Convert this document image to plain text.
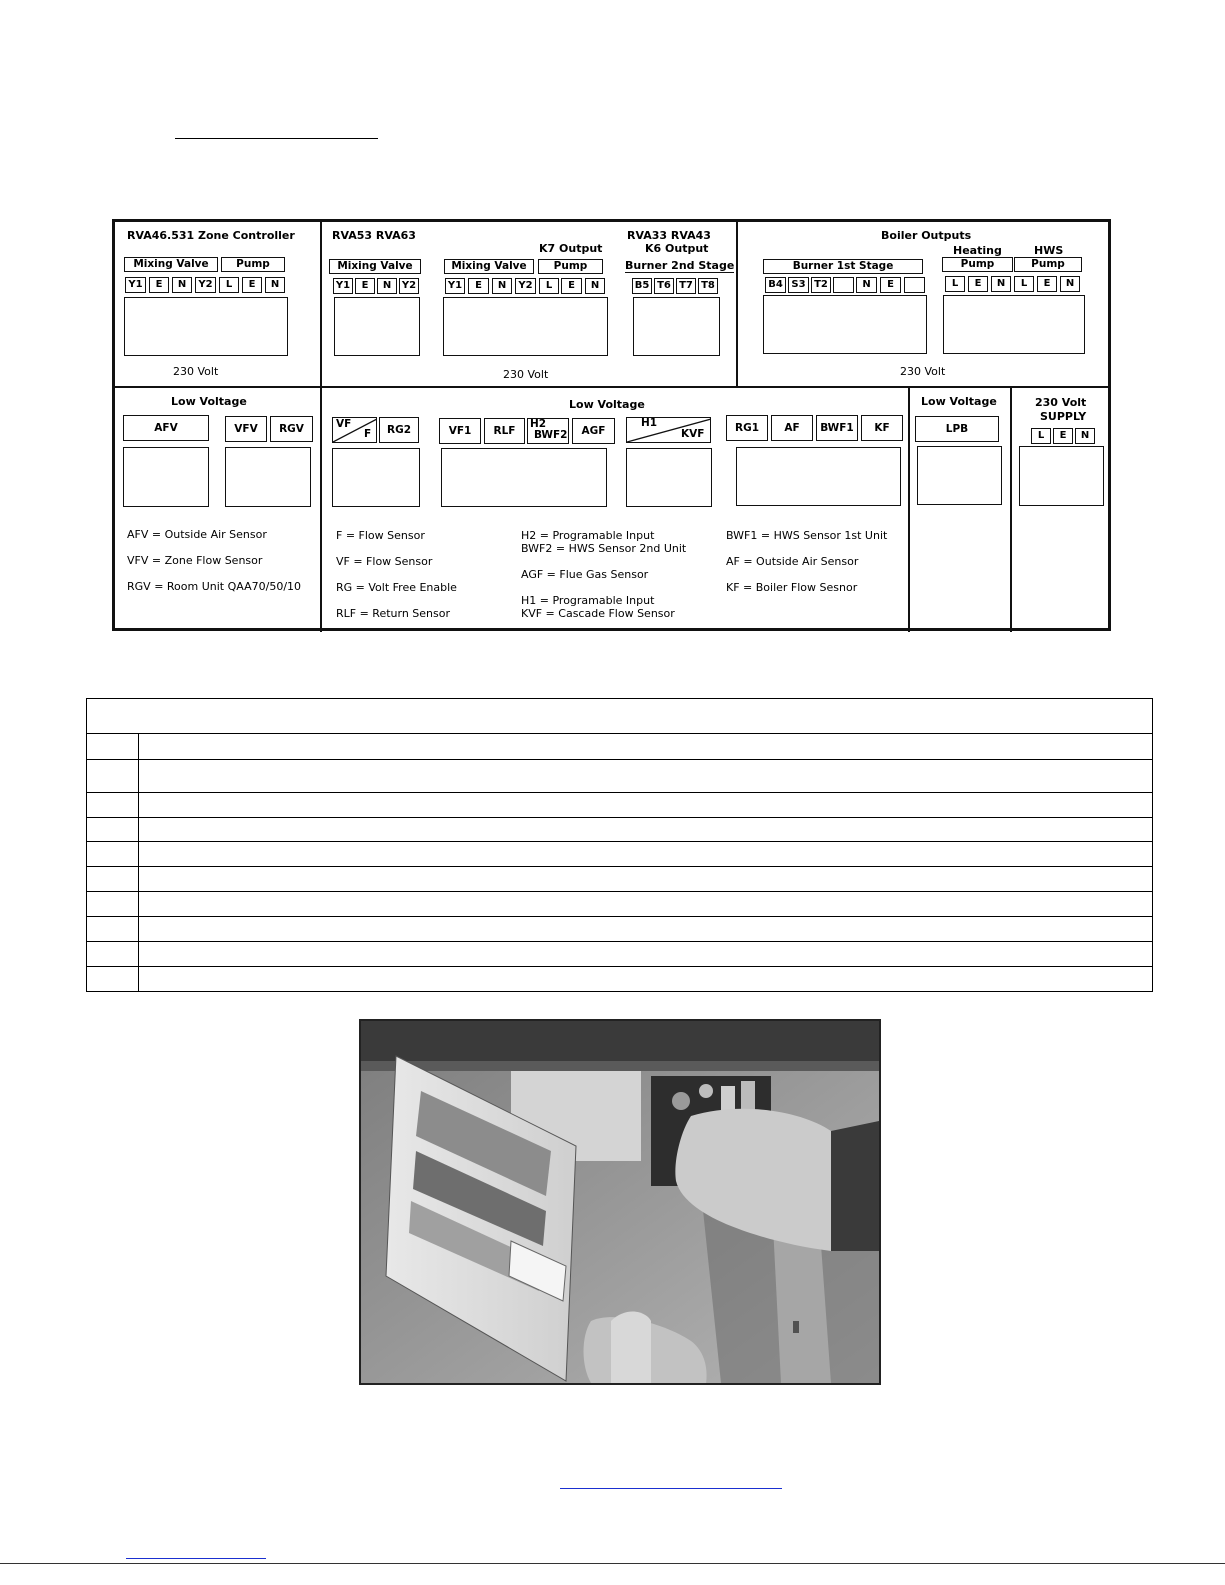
RVA46.531 Zone Controller
Mixing Valve	Pump
Y1	E	N	Y2	L	E	N
230 Volt
RVA53 RVA63
K7 Output
Mixing Valve
Y1	E	N	Y2
Mixing Valve	Pump
Y1	E	N	Y2	L	E	N
230 Volt
RVA33 RVA43
K6 Output
Burner 2nd Stage
B5 T6 T7 T8
Boiler Outputs
Heating	HWS
Burner 1st Stage	Pump	Pump
B4 S3 T2	N	E	L	E	N	L	E	N
230 Volt
Low Voltage
AFV	VFV	RGV
AFV = Outside Air Sensor
VFV = Zone Flow Sensor
RGV = Room Unit QAA70/50/10
Low Voltage
VF
F	RG2	VF1	RLF
H2
BWF2	AGF
H1
KVF	RG1	AF	BWF1	KF
F = Flow Sensor
VF = Flow Sensor
RG = Volt Free Enable
RLF = Return Sensor
H2 = Programable Input
BWF2 = HWS Sensor 2nd Unit
AGF = Flue Gas Sensor
H1 = Programable Input
KVF = Cascade Flow Sensor
BWF1 = HWS Sensor 1st Unit
AF = Outside Air Sensor
KF = Boiler Flow Sesnor
Low Voltage
LPB
230 Volt
SUPPLY
L	E	N
